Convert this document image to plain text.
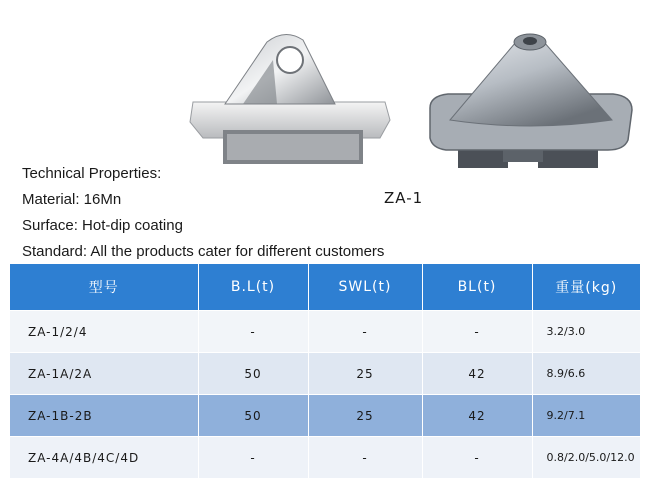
ZA-1
Technical Properties:
Material: 16Mn
Surface: Hot-dip coating
Standard: All the products cater for different customers
型号	B.L(t)	SWL(t)	BL(t)	重量(kg)
ZA-1/2/4	-	-	-	3.2/3.0
ZA-1A/2A	50	25	42	8.9/6.6
ZA-1B-2B	50	25	42	9.2/7.1
ZA-4A/4B/4C/4D	-	-	-	0.8/2.0/5.0/12.0
